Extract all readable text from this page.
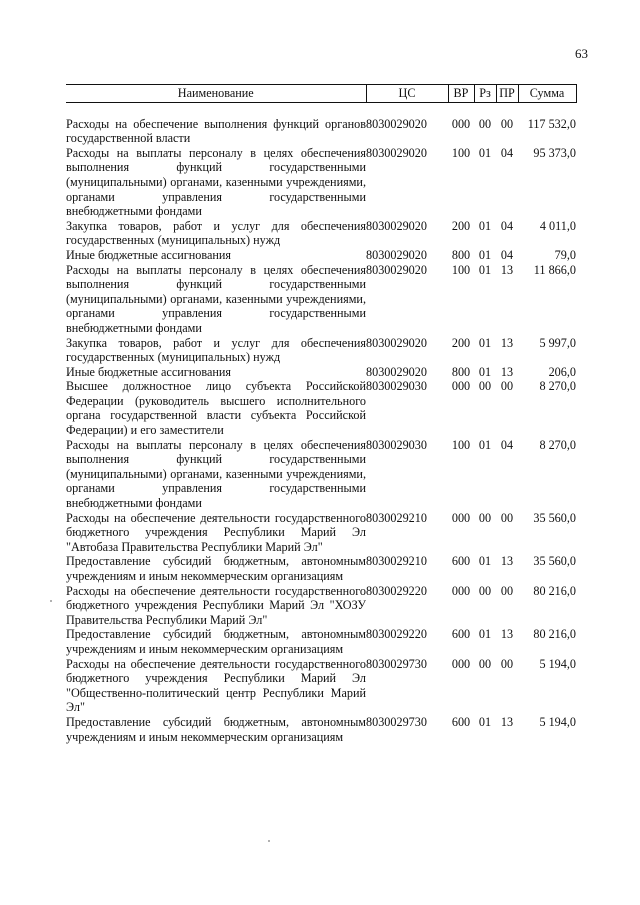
63
Наименование	ЦС	ВР	Рз	ПР	Сумма

Расходы на обеспечение выполнения функций органов государственной власти	8030029020	000	00	00	117 532,0
Расходы на выплаты персоналу в целях обеспечения выполнения функций государственными (муниципальными) органами, казенными учреждениями, органами управления государственными внебюджетными фондами	8030029020	100	01	04	95 373,0
Закупка товаров, работ и услуг для обеспечения государственных (муниципальных) нужд	8030029020	200	01	04	4 011,0
Иные бюджетные ассигнования	8030029020	800	01	04	79,0
Расходы на выплаты персоналу в целях обеспечения выполнения функций государственными (муниципальными) органами, казенными учреждениями, органами управления государственными внебюджетными фондами	8030029020	100	01	13	11 866,0
Закупка товаров, работ и услуг для обеспечения государственных (муниципальных) нужд	8030029020	200	01	13	5 997,0
Иные бюджетные ассигнования	8030029020	800	01	13	206,0
Высшее должностное лицо субъекта Российской Федерации (руководитель высшего исполнительного органа государственной власти субъекта Российской Федерации) и его заместители	8030029030	000	00	00	8 270,0
Расходы на выплаты персоналу в целях обеспечения выполнения функций государственными (муниципальными) органами, казенными учреждениями, органами управления государственными внебюджетными фондами	8030029030	100	01	04	8 270,0
Расходы на обеспечение деятельности государственного бюджетного учреждения Республики Марий Эл "Автобаза Правительства Республики Марий Эл"	8030029210	000	00	00	35 560,0
Предоставление субсидий бюджетным, автономным учреждениям и иным некоммерческим организациям	8030029210	600	01	13	35 560,0
Расходы на обеспечение деятельности государственного бюджетного учреждения Республики Марий Эл "ХОЗУ Правительства Республики Марий Эл"	8030029220	000	00	00	80 216,0
Предоставление субсидий бюджетным, автономным учреждениям и иным некоммерческим организациям	8030029220	600	01	13	80 216,0
Расходы на обеспечение деятельности государственного бюджетного учреждения Республики Марий Эл "Общественно-политический центр Республики Марий Эл"	8030029730	000	00	00	5 194,0
Предоставление субсидий бюджетным, автономным учреждениям и иным некоммерческим организациям	8030029730	600	01	13	5 194,0
